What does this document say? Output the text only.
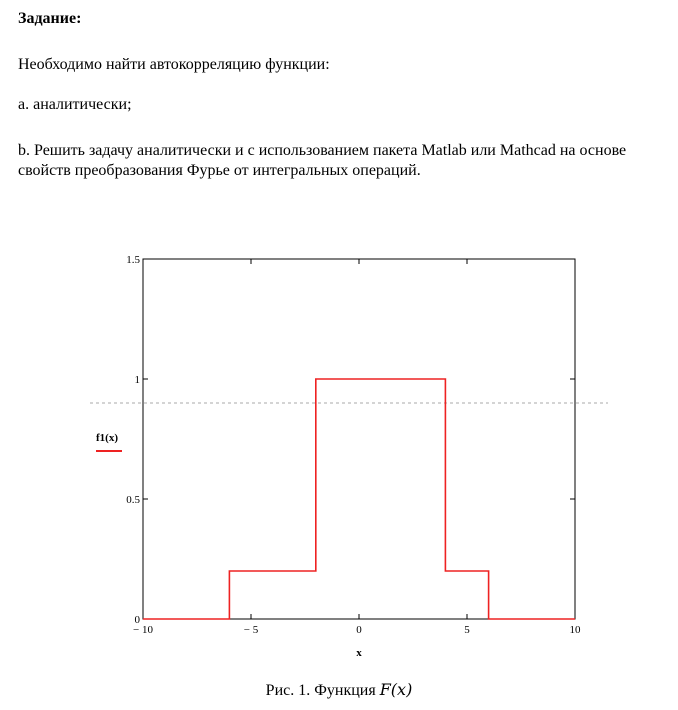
Задание:
Необходимо найти автокорреляцию функции:
a. аналитически;
b. Решить задачу аналитически и с использованием пакета Matlab или Mathcad на основе свойств преобразования Фурье от интегральных операций.
0
0.5
1
1.5
− 10	− 5	0	5	10
x
f1(x)
Рис. 1. Функция F(x)
